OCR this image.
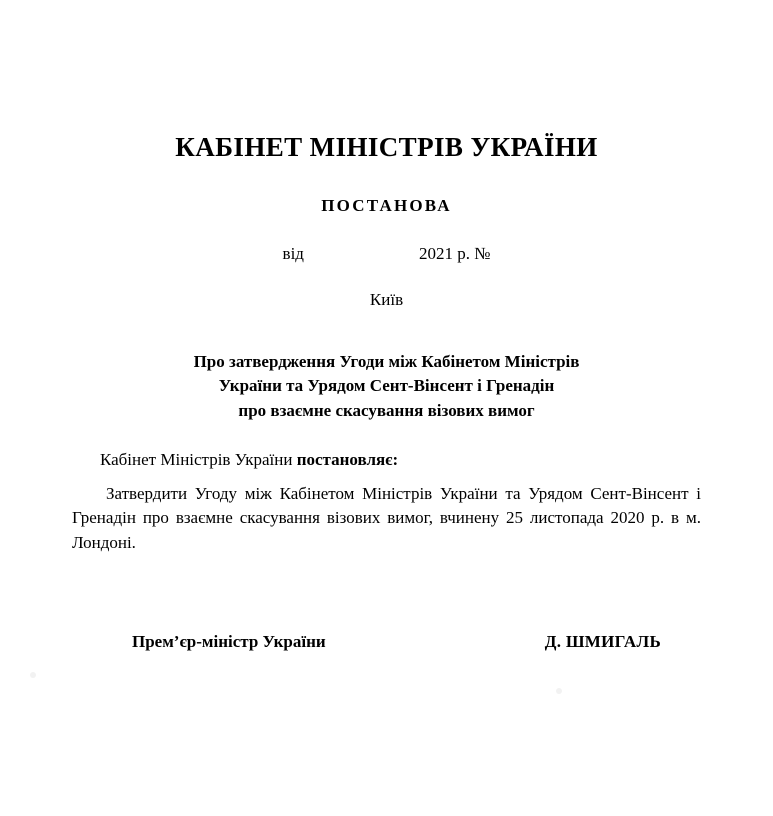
КАБІНЕТ МІНІСТРІВ УКРАЇНИ
ПОСТАНОВА
від	2021 р. №
Київ
Про затвердження Угоди між Кабінетом Міністрів
України та Урядом Сент-Вінсент і Гренадін
про взаємне скасування візових вимог
Кабінет Міністрів України постановляє:
Затвердити Угоду між Кабінетом Міністрів України та Урядом Сент-Вінсент і Гренадін про взаємне скасування візових вимог, вчинену 25 листопада 2020 р. в м. Лондоні.
Прем’єр-міністр України	Д. ШМИГАЛЬ
